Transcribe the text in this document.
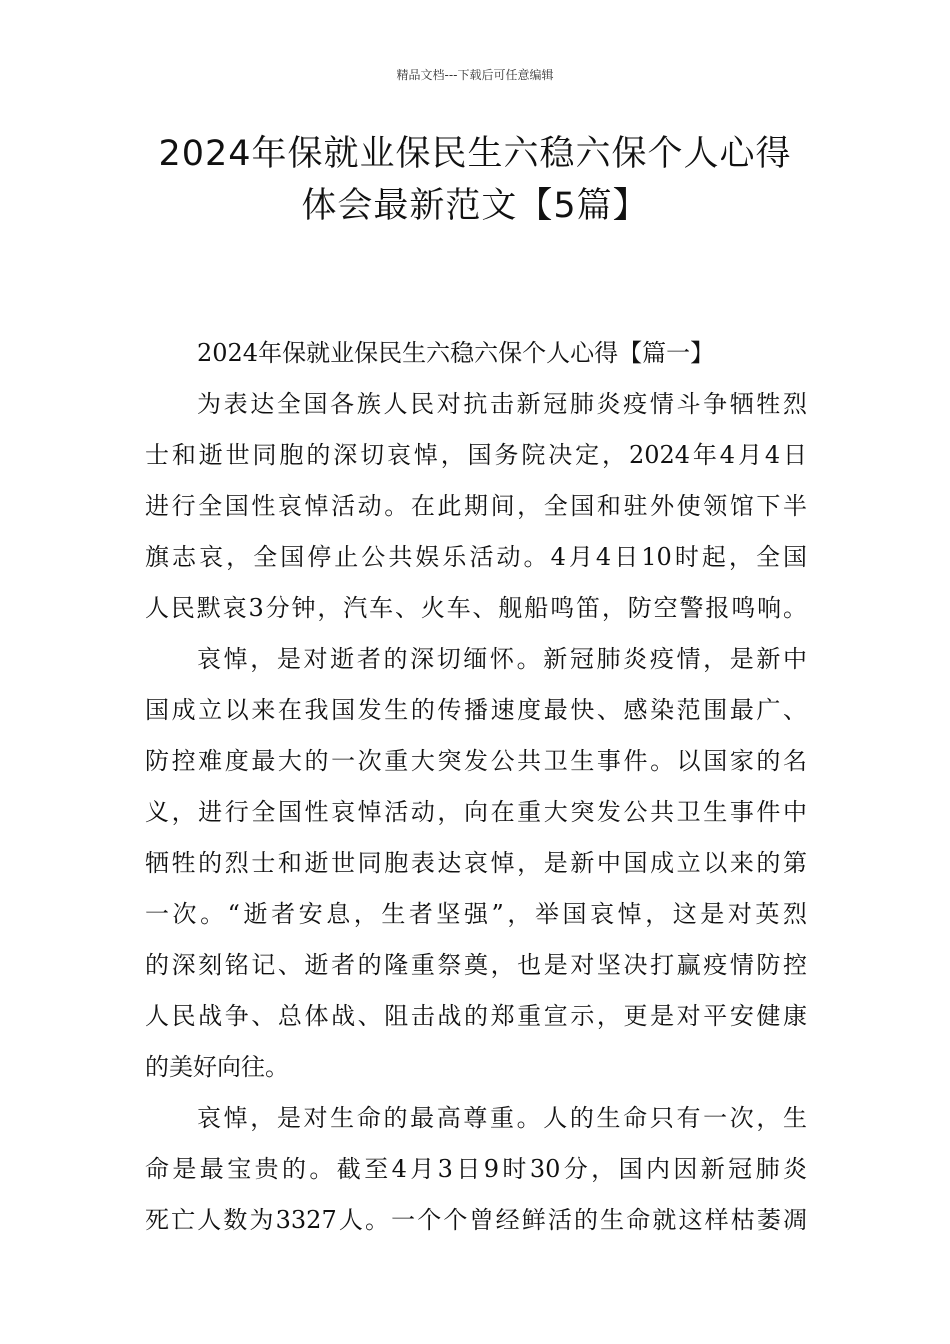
精品文档---下载后可任意编辑
2024年保就业保民生六稳六保个人心得
体会最新范文【5篇】
2024年保就业保民生六稳六保个人心得【篇一】
为表达全国各族人民对抗击新冠肺炎疫情斗争牺牲烈
士和逝世同胞的深切哀悼，国务院决定，2024年4月4日
进行全国性哀悼活动。在此期间，全国和驻外使领馆下半
旗志哀，全国停止公共娱乐活动。4月4日10时起，全国
人民默哀3分钟，汽车、火车、舰船鸣笛，防空警报鸣响。
哀悼，是对逝者的深切缅怀。新冠肺炎疫情，是新中
国成立以来在我国发生的传播速度最快、感染范围最广、
防控难度最大的一次重大突发公共卫生事件。以国家的名
义，进行全国性哀悼活动，向在重大突发公共卫生事件中
牺牲的烈士和逝世同胞表达哀悼，是新中国成立以来的第
一次。“逝者安息，生者坚强”，举国哀悼，这是对英烈
的深刻铭记、逝者的隆重祭奠，也是对坚决打赢疫情防控
人民战争、总体战、阻击战的郑重宣示，更是对平安健康
的美好向往。
哀悼，是对生命的最高尊重。人的生命只有一次，生
命是最宝贵的。截至4月3日9时30分，国内因新冠肺炎
死亡人数为3327人。一个个曾经鲜活的生命就这样枯萎凋
